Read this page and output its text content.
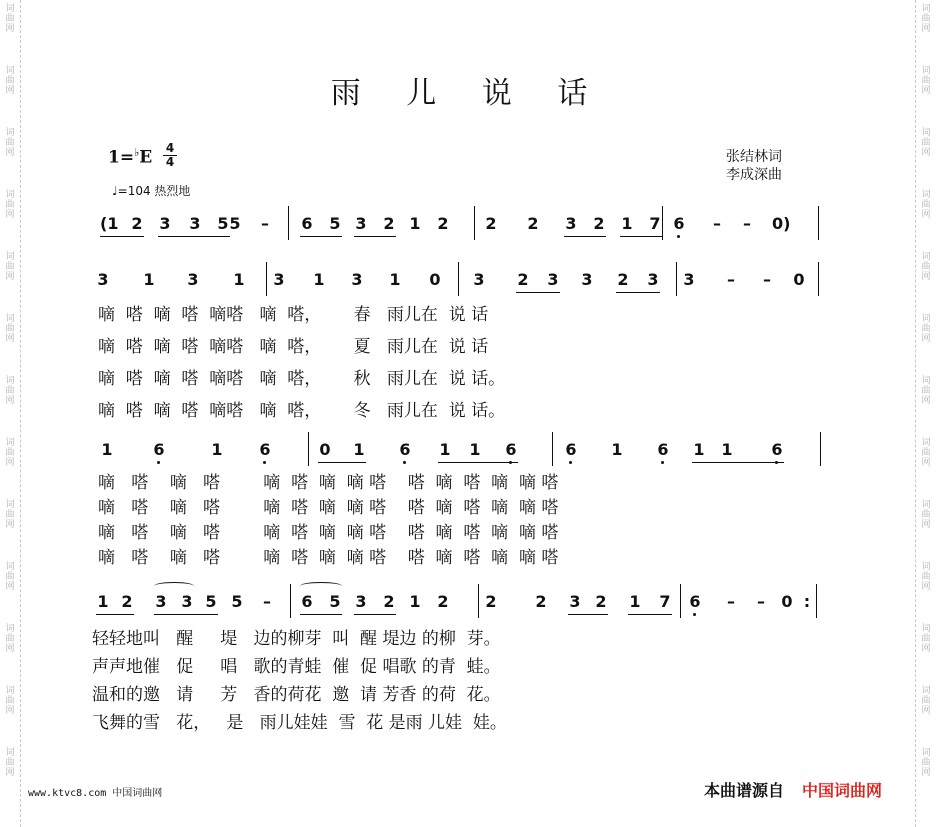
词
曲
网
词
曲
网
词
曲
网
词
曲
网
词
曲
网
词
曲
网
词
曲
网
词
曲
网
词
曲
网
词
曲
网
词
曲
网
词
曲
网
词
曲
网
词
曲
网
词
曲
网
词
曲
网
词
曲
网
词
曲
网
词
曲
网
词
曲
网
词
曲
网
词
曲
网
词
曲
网
词
曲
网
词
曲
网
词
曲
网
雨 儿 说 话
1=♭E 4
4
♩=104 热烈地
张结林词
李成深曲
(1 2 3 3 5 5 – 6 5 3 2 1 2 2 2 3 2 1 7 6 – – 0)
3 1 3 1 3 1 3 1 0 3 2 3 3 2 3 3 – – 0
嘀  嗒  嘀  嗒  嘀嗒   嘀  嗒，      春   雨儿在  说 话
嘀  嗒  嘀  嗒  嘀嗒   嘀  嗒，      夏   雨儿在  说 话
嘀  嗒  嘀  嗒  嘀嗒   嘀  嗒，      秋   雨儿在  说 话。
嘀  嗒  嘀  嗒  嘀嗒   嘀  嗒，      冬   雨儿在  说 话。
1	6	1 6	0 1 6 1 1 6	6 1 6 1 1 6
嘀   嗒    嘀   嗒        嘀  嗒  嘀  嘀 嗒    嗒  嘀  嗒  嘀  嘀 嗒
嘀   嗒    嘀   嗒        嘀  嗒  嘀  嘀 嗒    嗒  嘀  嗒  嘀  嘀 嗒
嘀   嗒    嘀   嗒        嘀  嗒  嘀  嘀 嗒    嗒  嘀  嗒  嘀  嘀 嗒
嘀   嗒    嘀   嗒        嘀  嗒  嘀  嘀 嗒    嗒  嘀  嗒  嘀  嘀 嗒
1 2 3 3 5 5 – 6 5 3 2 1 2 2 2 3 2 1 7 6 – – 0 :
轻轻地叫   醒     堤   边的柳芽  叫  醒 堤边 的柳  芽。
声声地催   促     唱   歌的青蛙  催  促 唱歌 的青  蛙。
温和的邀   请     芳   香的荷花  邀  请 芳香 的荷  花。
飞舞的雪   花，   是   雨儿娃娃  雪  花 是雨 儿娃  娃。
www.ktvc8.com 中国词曲网	本曲谱源自 中国词曲网
